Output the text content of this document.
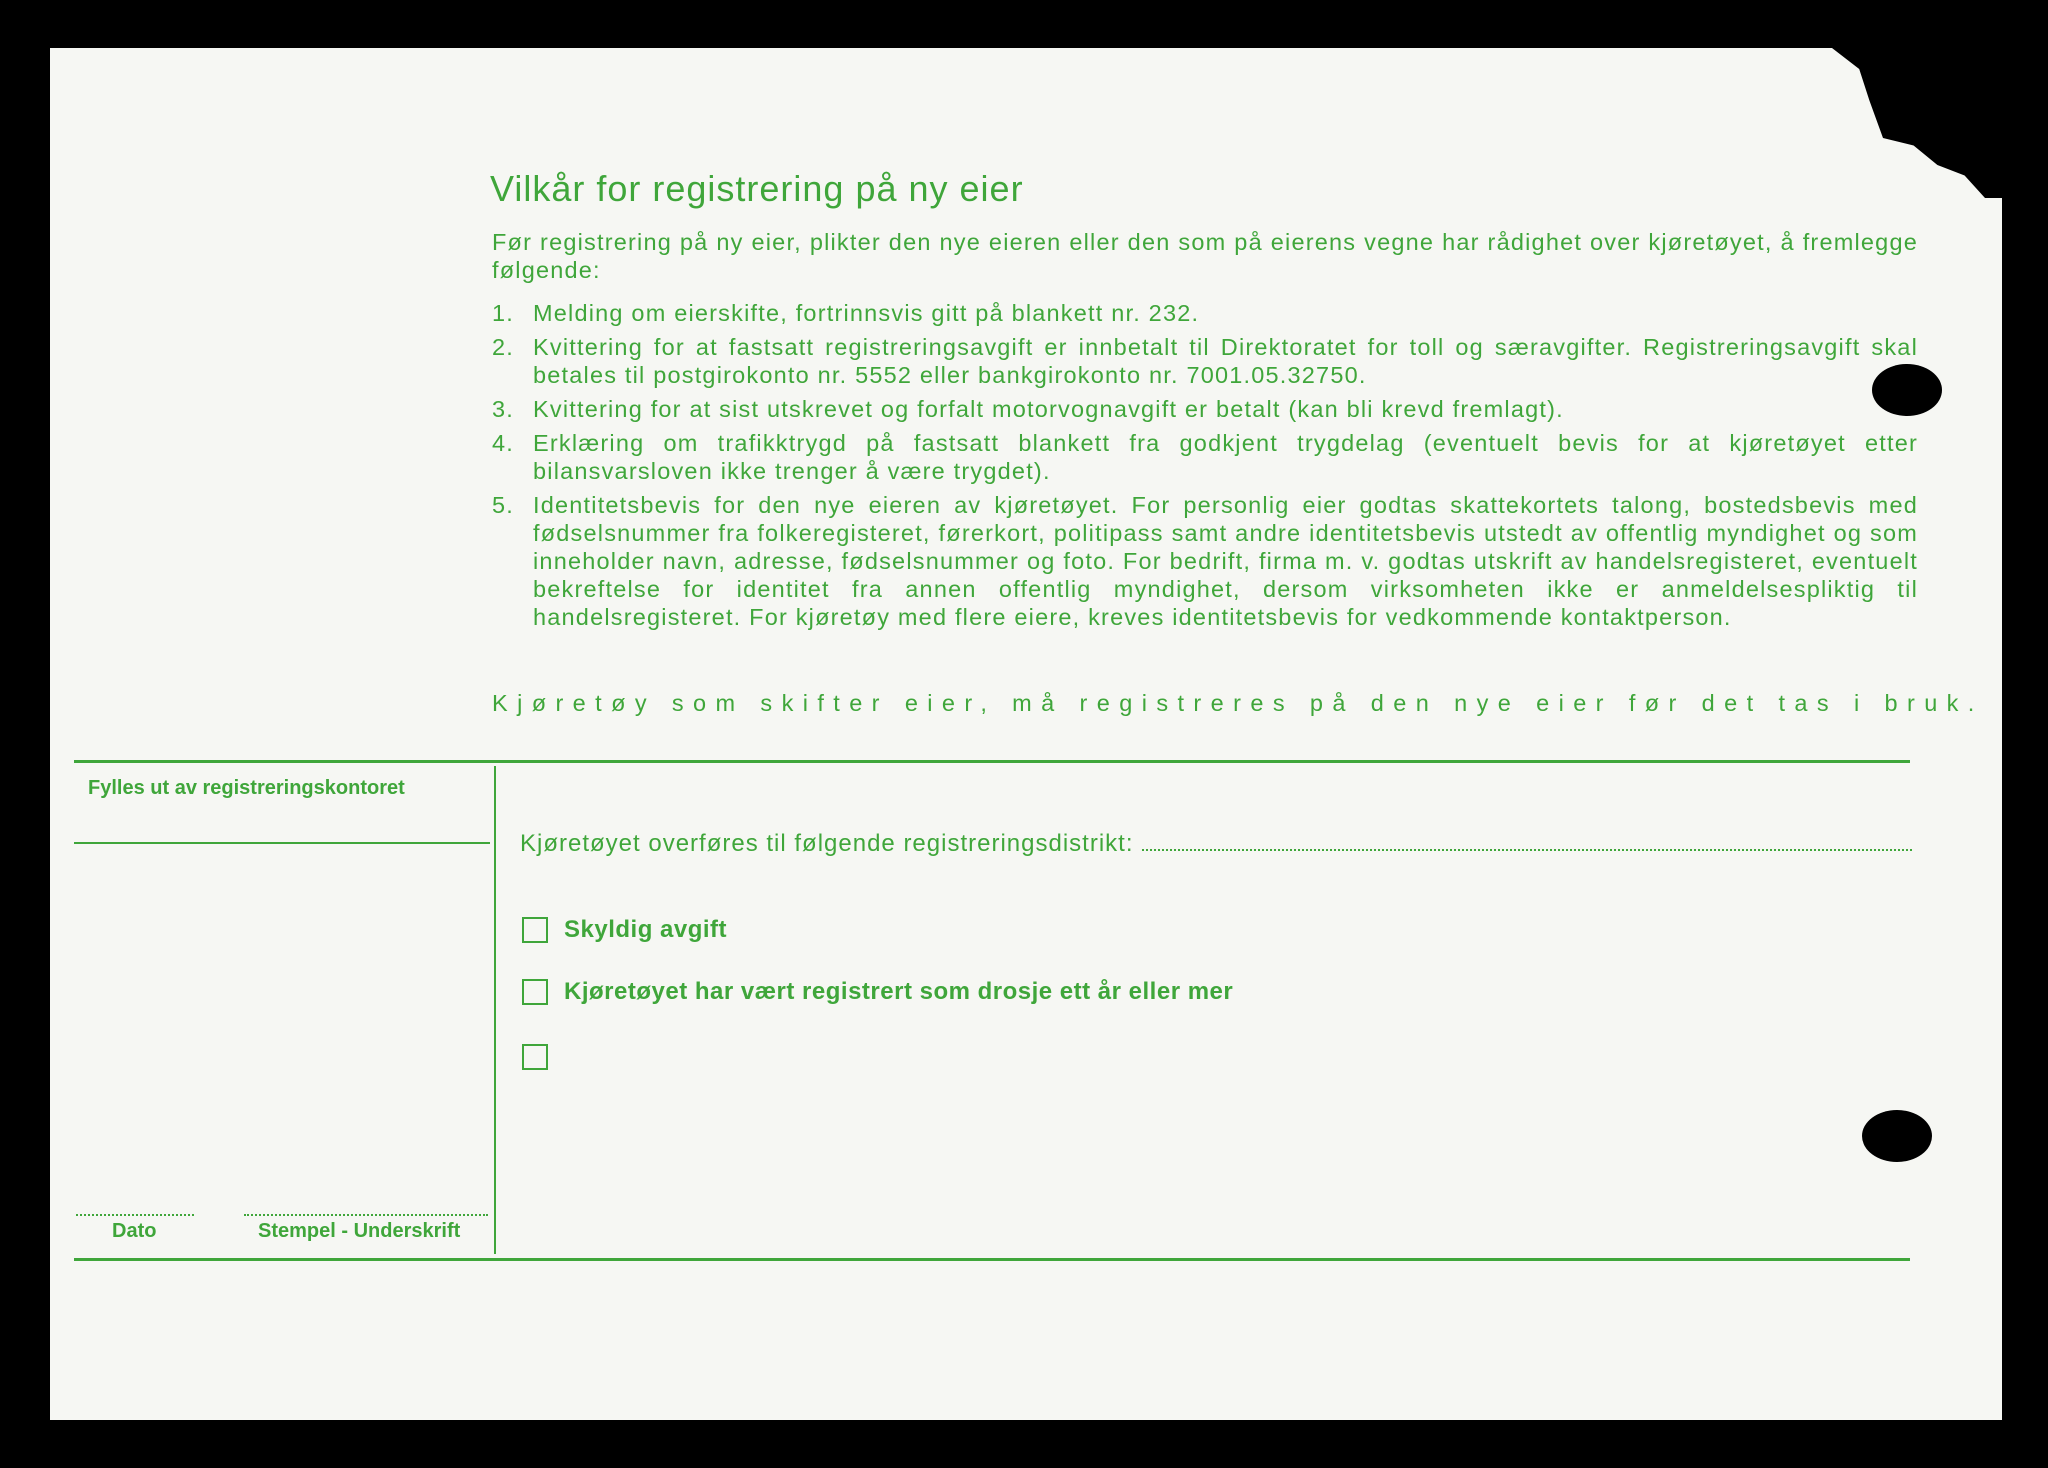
Vilkår for registrering på ny eier
Før registrering på ny eier, plikter den nye eieren eller den som på eierens vegne har rådighet over kjøretøyet, å fremlegge følgende:
1. Melding om eierskifte, fortrinnsvis gitt på blankett nr. 232.
2. Kvittering for at fastsatt registreringsavgift er innbetalt til Direktoratet for toll og særavgifter. Registreringsavgift skal betales til postgirokonto nr. 5552 eller bankgirokonto nr. 7001.05.32750.
3. Kvittering for at sist utskrevet og forfalt motorvognavgift er betalt (kan bli krevd fremlagt).
4. Erklæring om trafikktrygd på fastsatt blankett fra godkjent trygdelag (eventuelt bevis for at kjøretøyet etter bilansvarsloven ikke trenger å være trygdet).
5. Identitetsbevis for den nye eieren av kjøretøyet. For personlig eier godtas skattekortets talong, bostedsbevis med fødselsnummer fra folkeregisteret, førerkort, politipass samt andre identitetsbevis utstedt av offentlig myndighet og som inneholder navn, adresse, fødselsnummer og foto. For bedrift, firma m. v. godtas utskrift av handelsregisteret, eventuelt bekreftelse for identitet fra annen offentlig myndighet, dersom virksomheten ikke er anmeldelsespliktig til handelsregisteret. For kjøretøy med flere eiere, kreves identitetsbevis for vedkommende kontaktperson.
Kjøretøy som skifter eier, må registreres på den nye eier før det tas i bruk.
Fylles ut av registreringskontoret
Dato	Stempel - Underskrift
Kjøretøyet overføres til følgende registreringsdistrikt:
Skyldig avgift
Kjøretøyet har vært registrert som drosje ett år eller mer
